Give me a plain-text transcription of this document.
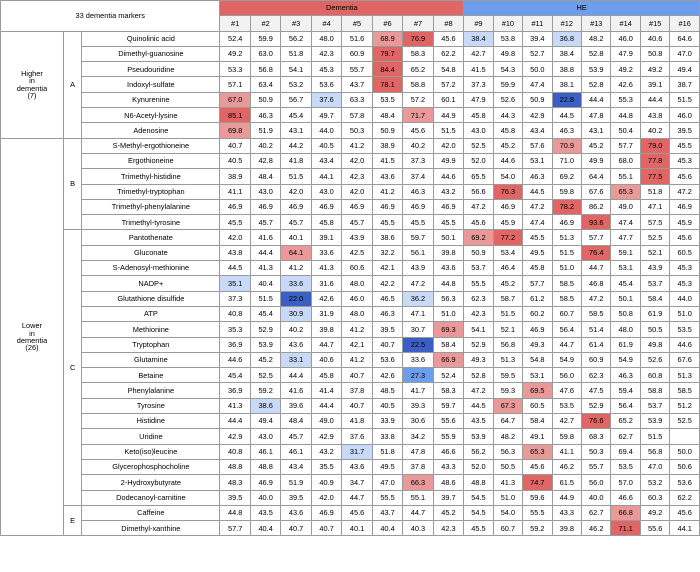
33 dementia markers			Dementia								HE							
			#1	#2	#3	#4	#5	#6	#7	#8	#9	#10	#11	#12	#13	#14	#15	#16
Higher
in
dementia
(7)	A	Quinolinic acid	52.4	59.9	56.2	48.0	51.6	68.9	76.9	45.6	38.4	53.8	39.4	36.8	48.2	46.0	40.6	64.6
		Dimethyl-guanosine	49.2	63.0	51.8	42.3	60.9	79.7	58.3	62.2	42.7	49.8	52.7	38.4	52.8	47.9	50.8	47.0
		Pseudouridine	53.3	56.8	54.1	45.3	55.7	84.4	65.2	54.8	41.5	54.3	50.0	38.8	53.9	49.2	49.2	49.4
		Indoxyl-sulfate	57.1	63.4	53.2	53.6	43.7	78.1	58.8	57.2	37.3	59.9	47.4	38.1	52.8	42.6	39.1	38.7
		Kynurenine	67.0	50.9	56.7	37.6	63.3	53.5	57.2	60.1	47.9	52.6	50.9	22.8	44.4	55.3	44.4	51.5
		N6-Acetyl-lysine	85.1	46.3	45.4	49.7	57.8	48.4	71.7	44.9	45.8	44.3	42.9	44.5	47.8	44.8	43.8	46.0
		Adenosine	69.8	51.9	43.1	44.0	50.3	50.9	45.6	51.5	43.0	45.8	43.4	46.3	43.1	50.4	40.2	39.5
Lower
in
dementia
(26)	B	S-Methyl-ergothioneine	40.7	40.2	44.2	40.5	41.2	38.9	40.2	42.0	52.5	45.2	57.6	70.9	45.2	57.7	79.0	45.5
		Ergothioneine	40.5	42.8	41.8	43.4	42.0	41.5	37.3	49.9	52.0	44.6	53.1	71.0	49.9	68.0	77.8	45.3
		Trimethyl-histidine	38.9	48.4	51.5	44.1	42.3	43.6	37.4	44.6	65.5	54.0	46.3	69.2	64.4	55.1	77.5	45.6
		Trimethyl-tryptophan	41.1	43.0	42.0	43.0	42.0	41.2	46.3	43.2	56.6	76.3	44.5	59.8	67.6	65.3	51.8	47.2
		Trimethyl-phenylalanine	46.9	46.9	46.9	46.9	46.9	46.9	46.9	46.9	47.2	46.9	47.2	78.2	86.2	49.0	47.1	46.9
		Trimethyl-tyrosine	45.5	45.7	45.7	45.8	45.7	45.5	45.5	45.5	45.6	45.9	47.4	46.9	93.6	47.4	57.5	45.9
	C	Pantothenate	42.0	41.6	40.1	39.1	43.9	38.6	59.7	50.1	69.2	77.2	45.5	51.3	57.7	47.7	52.5	45.6
		Gluconate	43.8	44.4	64.1	33.6	42.5	32.2	56.1	39.8	50.9	53.4	49.5	51.5	76.4	59.1	52.1	60.5
		S-Adenosyl-methionine	44.5	41.3	41.2	41.3	60.6	42.1	43.9	43.6	53.7	46.4	45.8	51.0	44.7	53.1	43.9	45.3
		NADP+	35.1	40.4	33.6	31.6	48.0	42.2	47.2	44.8	55.5	45.2	57.7	58.5	46.8	45.4	53.7	45.3
		Glutathione disulfide	37.3	51.5	22.0	42.6	46.0	46.5	36.2	56.3	62.3	58.7	61.2	58.5	47.2	50.1	58.4	44.0
		ATP	40.8	45.4	30.9	31.9	48.0	46.3	47.1	51.0	42.3	51.5	60.2	60.7	58.5	50.8	61.9	51.0
		Methionine	35.3	52.9	40.2	39.8	41.2	39.5	30.7	69.3	54.1	52.1	46.9	56.4	51.4	48.0	50.5	53.5
		Tryptophan	36.9	53.9	43.6	44.7	42.1	40.7	22.5	58.4	52.9	56.8	49.3	44.7	61.4	61.9	49.8	44.6
		Glutamine	44.6	45.2	33.1	40.6	41.2	53.6	33.6	66.9	49.3	51.3	54.8	54.9	60.9	54.9	52.6	67.6
		Betaine	45.4	52.5	44.4	45.8	40.7	42.6	27.3	52.4	52.8	59.5	53.1	56.0	62.3	46.3	60.8	51.3
		Phenylalanine	36.9	59.2	41.6	41.4	37.8	48.5	41.7	58.3	47.2	59.3	69.5	47.6	47.5	59.4	58.8	58.5
		Tyrosine	41.3	38.6	39.6	44.4	40.7	40.5	39.3	59.7	44.5	67.3	60.5	53.5	52.9	56.4	53.7	51.2
		Histidine	44.4	49.4	48.4	49.0	41.8	33.9	30.6	55.6	43.5	64.7	58.4	42.7	76.6	65.2	53.9	52.5
		Uridine	42.9	43.0	45.7	42.9	37.6	33.8	34.2	55.9	53.9	48.2	49.1	59.8	68.3	62.7	51.5	
		Keto(iso)leucine	40.8	46.1	46.1	43.2	31.7	51.8	47.8	46.6	56.2	56.3	65.3	41.1	50.3	69.4	56.8	50.0
		Glycerophosphocholine	48.8	48.8	43.4	35.5	43.6	49.5	37.8	43.3	52.0	50.5	45.6	46.2	55.7	53.5	47.0	50.6
		2-Hydroxybutyrate	48.3	46.9	51.9	40.9	34.7	47.0	66.3	48.6	48.8	41.3	74.7	61.5	56.0	57.0	53.2	53.6
		Dodecanoyl-carnitine	39.5	40.0	39.5	42.0	44.7	55.5	55.1	39.7	54.5	51.0	59.6	44.9	40.0	46.6	60.3	62.2
	E	Caffeine	44.8	43.5	43.6	46.9	45.6	43.7	44.7	45.2	54.5	54.0	55.5	43.3	62.7	66.8	49.2	45.6
		Dimethyl-xanthine	57.7	40.4	40.7	40.7	40.1	40.4	40.3	42.3	45.5	60.7	59.2	39.8	46.2	71.1	55.6	44.1
